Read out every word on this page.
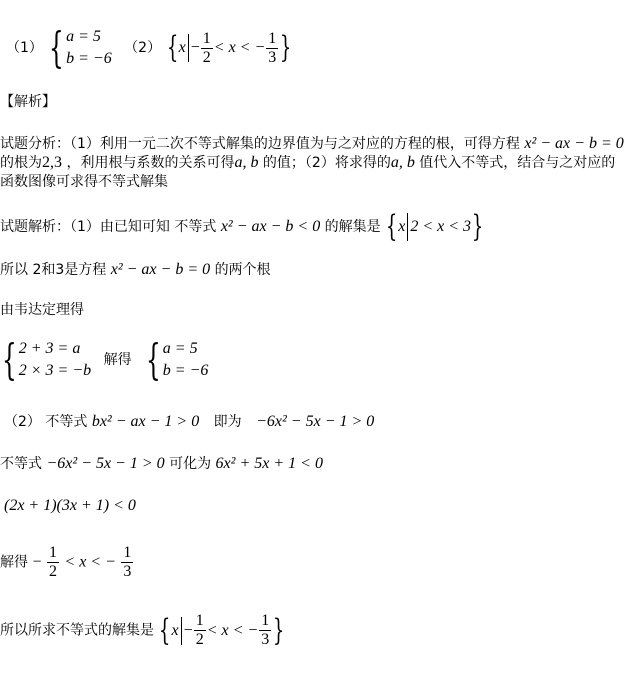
（1） { a = 5
b = −6
（2） { $x - \frac{1}{2} < x$ < − $\frac{1}{3}$ }
【解析】
试题分析：（1）利用一元二次不等式解集的边界值为与之对应的方程的根，可得方程 x² − ax − b = 0
的根为2,3 ，利用根与系数的关系可得a, b 的值；（2）将求得的a, b 值代入不等式，结合与之对应的
函数图像可求得不等式解集
试题解析：（1）由已知可知 不等式 x² − ax − b < 0 的解集是 { x 2 < x < 3 }
所以 2和3是方程 x² − ax − b = 0 的两个根
由韦达定理得
{ 2 + 3 = a
2 × 3 = −b
解得 { a = 5
b = −6
（2） 不等式 bx² − ax − 1 > 0 即为 −6x² − 5x − 1 > 0
不等式 −6x² − 5x − 1 > 0 可化为 6x² + 5x + 1 < 0
(2x + 1)(3x + 1) < 0
解得 − $\frac{1}{2} < x$ < − $\frac{1}{3}$
所以所求不等式的解集是 { $x - \frac{1}{2} < x$ < − $\frac{1}{3}$ }
